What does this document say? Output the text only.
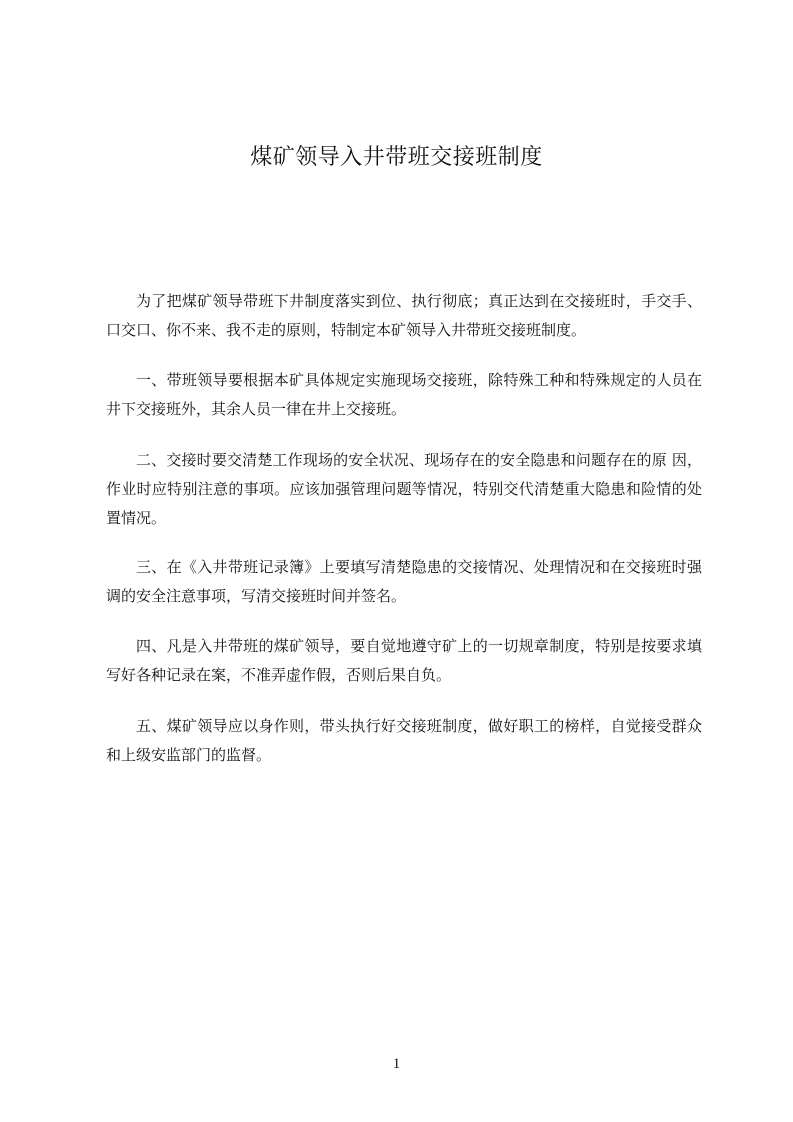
煤矿领导入井带班交接班制度

为了把煤矿领导带班下井制度落实到位、执行彻底；真正达到在交接班时，手交手、口交口、你不来、我不走的原则，特制定本矿领导入井带班交接班制度。

一、带班领导要根据本矿具体规定实施现场交接班，除特殊工种和特殊规定的人员在井下交接班外，其余人员一律在井上交接班。

二、交接时要交清楚工作现场的安全状况、现场存在的安全隐患和问题存在的原 因，作业时应特别注意的事项。应该加强管理问题等情况，特别交代清楚重大隐患和险情的处置情况。

三、在《入井带班记录簿》上要填写清楚隐患的交接情况、处理情况和在交接班时强调的安全注意事项，写清交接班时间并签名。

四、凡是入井带班的煤矿领导，要自觉地遵守矿上的一切规章制度，特别是按要求填写好各种记录在案，不准弄虚作假，否则后果自负。

五、煤矿领导应以身作则，带头执行好交接班制度，做好职工的榜样，自觉接受群众和上级安监部门的监督。

1
